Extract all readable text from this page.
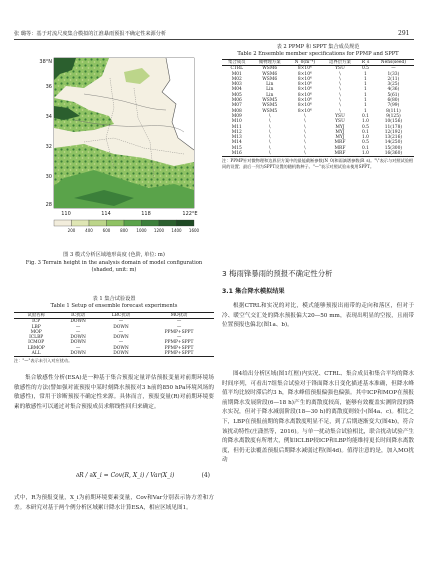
张 璐等：基于对流尺度集合模拟的江淮暴雨预报不确定性来源分析	291
38°N
36
34
32
30
28
110	114	118	122°E
200 400 600 800 1000 1200 1400 1600
图 3 模式分析区域地形高度 (色阶, 单位: m)
Fig. 3 Terrain height in the analysis domain of model configuration (shaded, unit: m)
表 1 集合试验设置
Table 1 Setup of ensemble forecast experiments
试验名称	IC扰动	LBC扰动	MO扰动
ICP	DOWN	—	—
LBP	—	DOWN	—
MOP	—	—	PPMP+SPPT
ICLBP	DOWN	DOWN	—
ICMOP	DOWN	—	PPMP+SPPT
LBMOP	—	DOWN	PPMP+SPPT
ALL	DOWN	DOWN	PPMP+SPPT
注："—"表示未引入对应扰动。
集合敏感性分析(ESA)是一种基于集合预报定量评估预报变量对前期环境场敏感性的方法(譬如强对流预报中某时刻降水预报对3 h前的850 hPa环境风场的敏感性)，常用于诊断预报不确定性来源。具体而言，预报变量(R)对前期环境要素的敏感性可以通过对集合预报成员求解线性回归来确定。
∂R / ∂X_i = Cov(R, X_i) / Var(X_i)	(4)
式中，R为预报变量，X_i为前期环境要素变量，Cov和Var分别表示协方差和方差。本研究对基于两个例分析区域累计降水计算ESA，相应区域见图1。
表 2 PPMP 和 SPPT 集合成员规范
Table 2 Ensemble member specifications for PPMP and SPPT
集合成员	微物理方案	N_0(m⁻⁴)	边界层方案	R_s	Nens(seed)
CTRL	WSM6	8×10⁶	YSU	0.5	—
M01	WSM6	8×10⁶	\	1	1(33)
M02	WSM6	8×10⁶	\	1	2(11)
M03	Lin	8×10⁶	\	1	3(25)
M04	Lin	8×10⁶	\	1	4(36)
M05	Lin	8×10⁶	\	1	5(61)
M06	WSM5	8×10⁶	\	1	6(80)
M07	WSM5	8×10⁶	\	1	7(99)
M08	WSM5	8×10⁶	\	1	8(111)
M09	\	\	YSU	0.1	9(125)
M10	\	\	YSU	1.0	10(156)
M11	\	\	MYJ	0.5	11(178)
M12	\	\	MYJ	0.1	12(192)
M13	\	\	MYJ	1.0	13(216)
M14	\	\	MRF	0.5	14(250)
M15	\	\	MRF	0.1	15(300)
M16	\	\	MRF	1.0	16(360)
注：PPMP针对微物理和边界层方案中的最能截断参数(N_0)和雨滴谱参数(R_s)。"\"表示与对照试验相同的设置；最后一列为SPPT设置的随机数种子。"—"表示对照试验未使用SPPT。
3 梅雨锋暴雨的预报不确定性分析
3.1 集合降水模拟结果
根据CTRL和实况的对比，模式能够预报出雨带的走向和落区，但对于冷、暖空气交汇处的降水预报偏大20—50 mm，表现出明显的空报，且雨带位置预报也偏北(图1a、b)。
图4给出分析区域(图1红框)内实况、CTRL、集合成员和集合平均的降水时间序列，可看出7组集合试验对于锋面降水日变化描述基本准确，但降水峰值平均比较时滞后约3 h，降水峰值预报偏强也偏强。其中ICP和MOP在预报前期降水发展阶段(6—18 h)产生的离散度较高，能够有效覆盖实测阶段的降水实况，但对于降水减弱阶段(18—30 h)的离散度则较小(图4a、c)。相比之下，LBP在预报前期的降水离散度明显不足，到了后期逐渐变大(图4b)，符合该扰动特性(庄潇然等，2016)。与单一扰动集合试验相比，联合扰动试验产生的降水离散度有所增大，例如ICLBP较ICP和LBP均能维持更长时间降水离散度，但仍无法覆盖预报后期降水减弱过程(图4d)。值得注意的是，加入MO扰动
